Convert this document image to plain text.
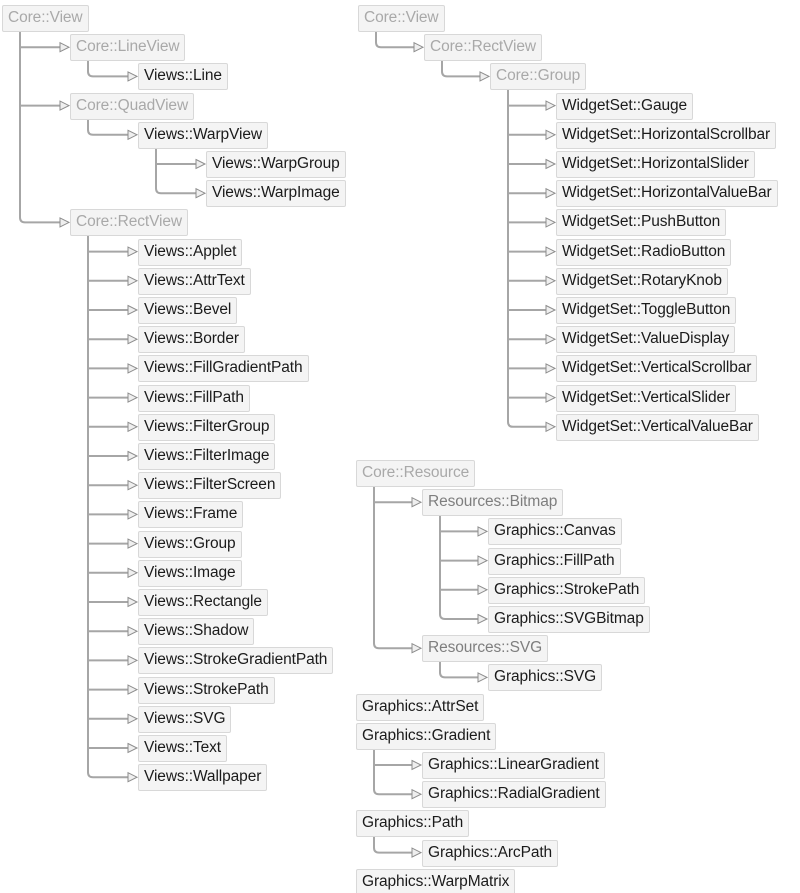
Core::View
Core::LineView
Views::Line
Core::QuadView
Views::WarpView
Views::WarpGroup
Views::WarpImage
Core::RectView
Views::Applet
Views::AttrText
Views::Bevel
Views::Border
Views::FillGradientPath
Views::FillPath
Views::FilterGroup
Views::FilterImage
Views::FilterScreen
Views::Frame
Views::Group
Views::Image
Views::Rectangle
Views::Shadow
Views::StrokeGradientPath
Views::StrokePath
Views::SVG
Views::Text
Views::Wallpaper
Core::View
Core::RectView
Core::Group
WidgetSet::Gauge
WidgetSet::HorizontalScrollbar
WidgetSet::HorizontalSlider
WidgetSet::HorizontalValueBar
WidgetSet::PushButton
WidgetSet::RadioButton
WidgetSet::RotaryKnob
WidgetSet::ToggleButton
WidgetSet::ValueDisplay
WidgetSet::VerticalScrollbar
WidgetSet::VerticalSlider
WidgetSet::VerticalValueBar
Core::Resource
Resources::Bitmap
Graphics::Canvas
Graphics::FillPath
Graphics::StrokePath
Graphics::SVGBitmap
Resources::SVG
Graphics::SVG
Graphics::AttrSet
Graphics::Gradient
Graphics::LinearGradient
Graphics::RadialGradient
Graphics::Path
Graphics::ArcPath
Graphics::WarpMatrix
